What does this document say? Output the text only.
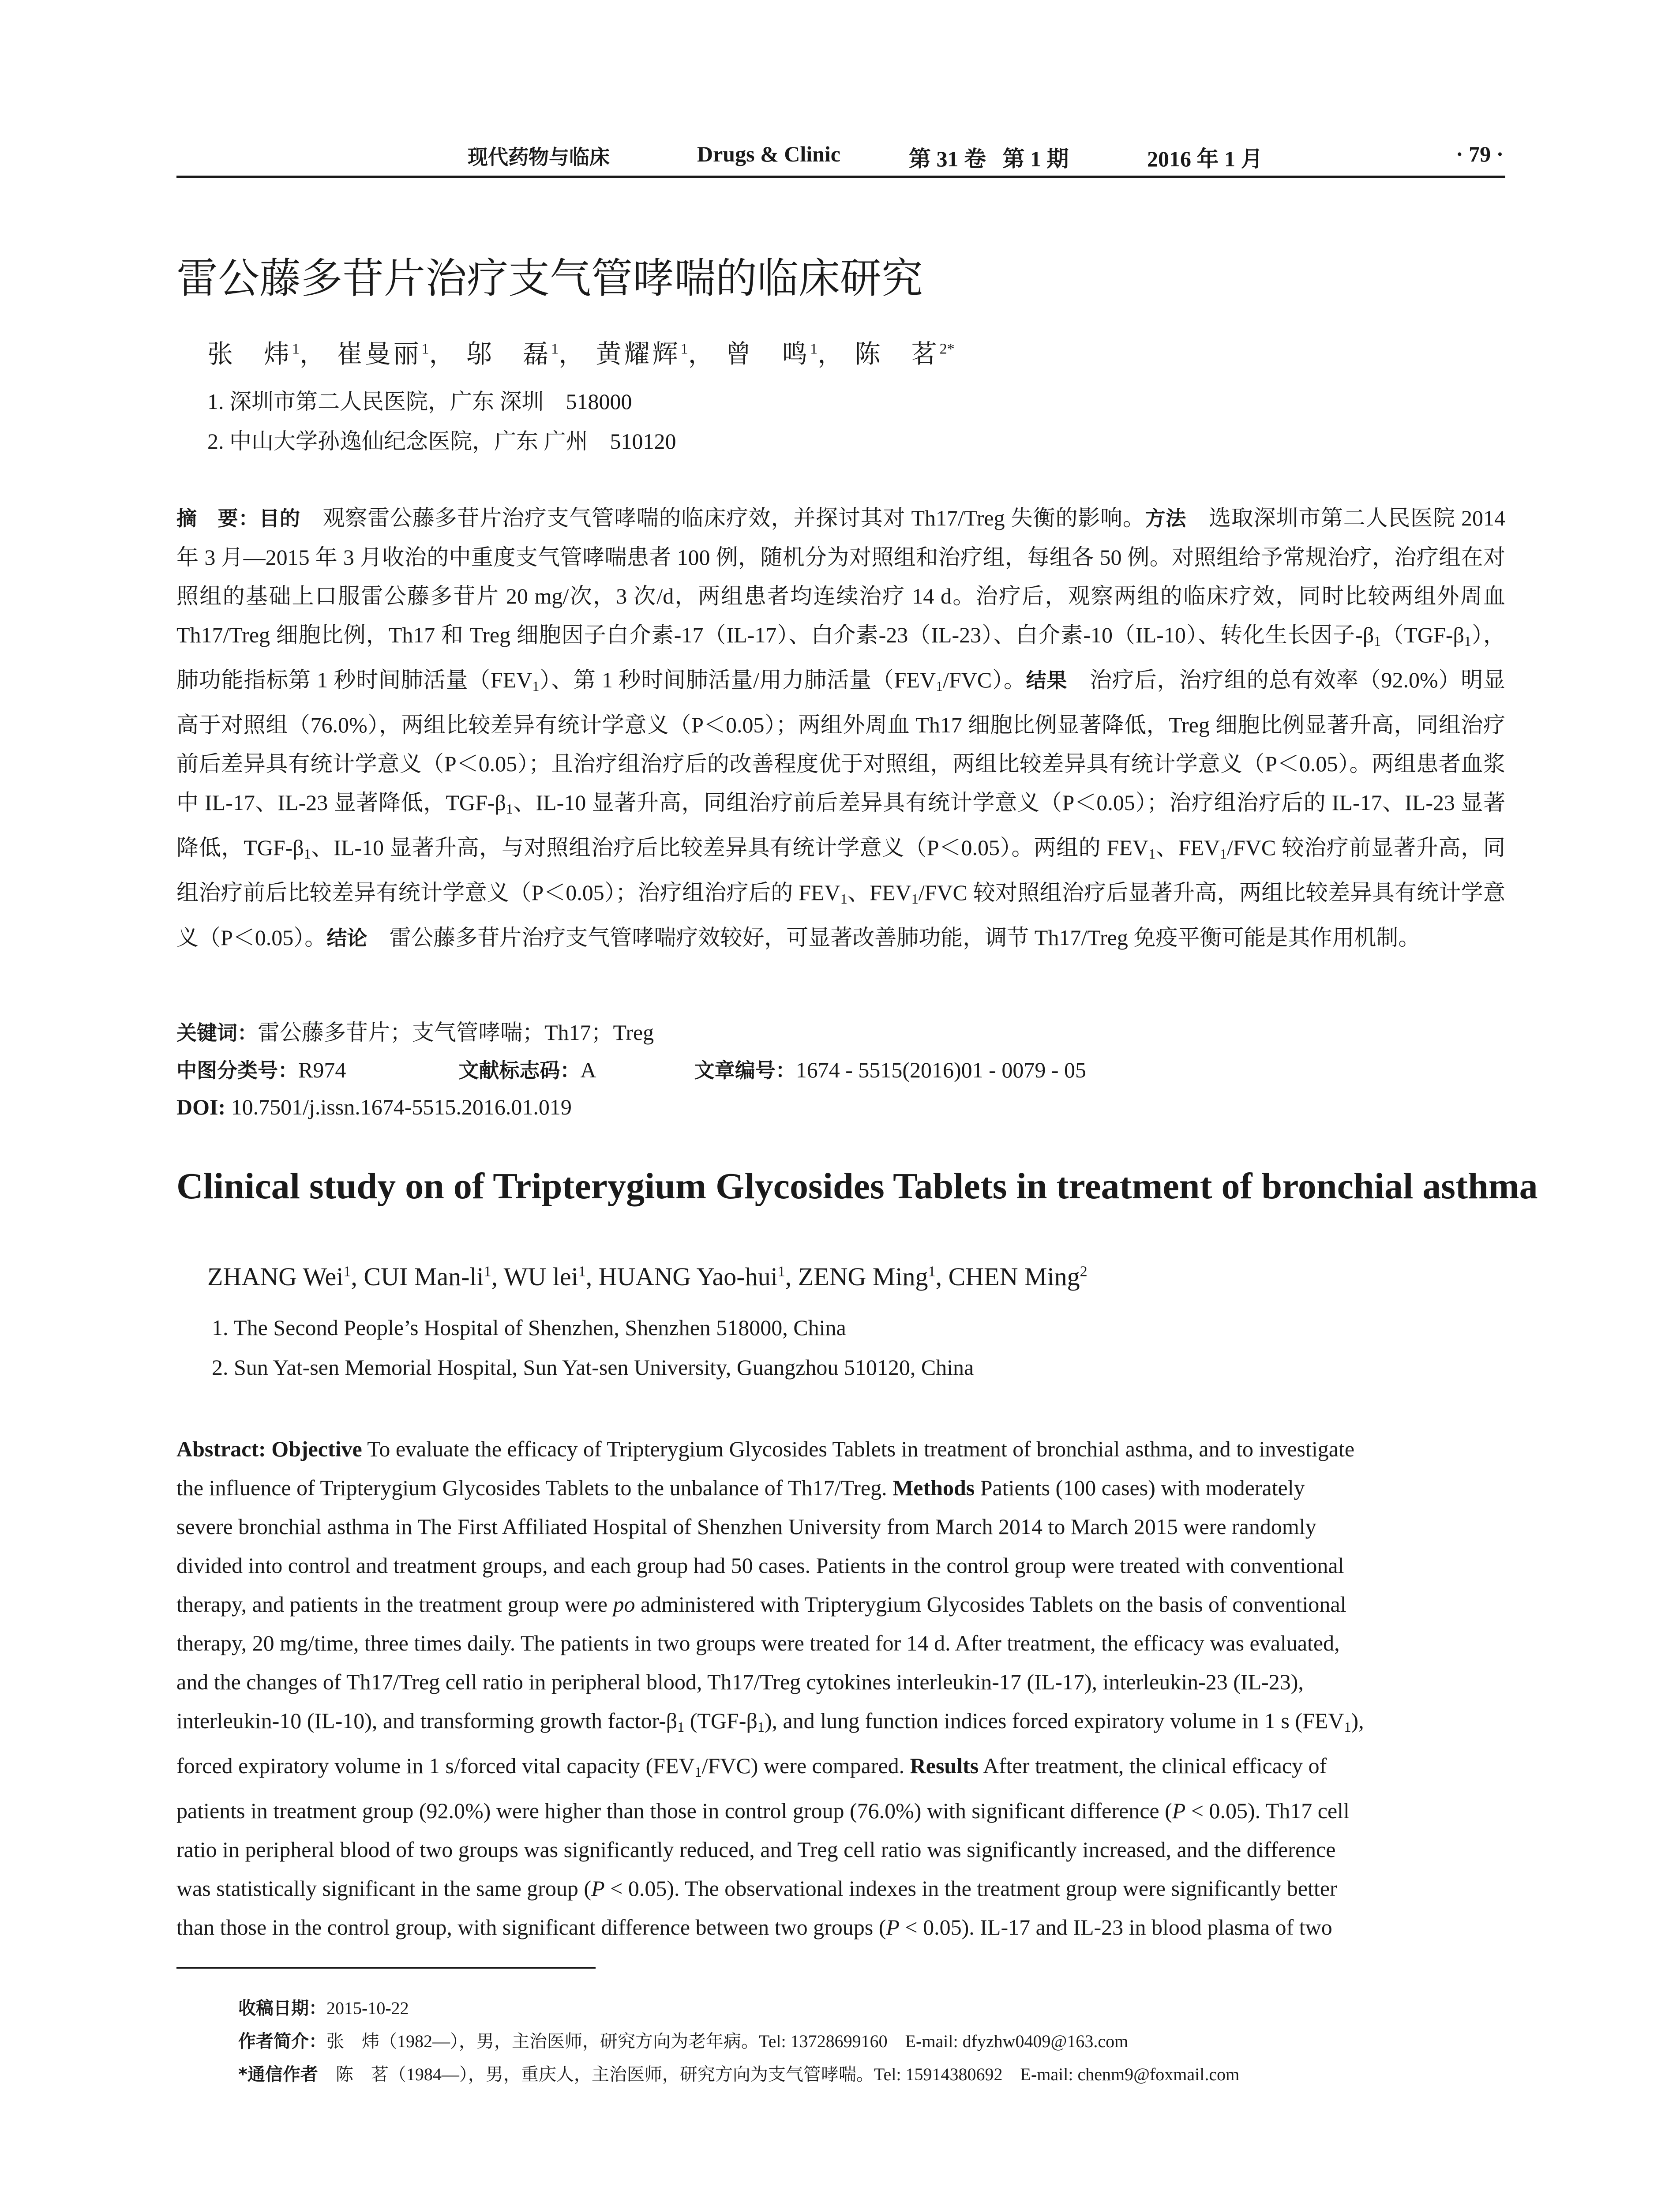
现代药物与临床	Drugs & Clinic	第 31 卷   第 1 期	2016 年 1 月	· 79 ·
雷公藤多苷片治疗支气管哮喘的临床研究
张　炜$^1$， 崔曼丽$^1$， 邬　磊$^1$， 黄耀辉$^1$， 曾　鸣$^1$， 陈　茗$^{2*}$
1. 深圳市第二人民医院，广东 深圳　518000
2. 中山大学孙逸仙纪念医院，广东 广州　510120
摘　要：目的　 观察雷公藤多苷片治疗支气管哮喘的临床疗效，并探讨其对 Th17/Treg 失衡的影响。方法　 选取深圳市第二人民医院 2014 年 3 月—2015 年 3 月收治的中重度支气管哮喘患者 100 例，随机分为对照组和治疗组，每组各 50 例。对照组给予常规治疗，治疗组在对照组的基础上口服雷公藤多苷片 20 mg/次，3 次/d，两组患者均连续治疗 14 d。治疗后，观察两组的临床疗效，同时比较两组外周血 Th17/Treg 细胞比例，Th17 和 Treg 细胞因子白介素-17（IL-17）、白介素-23（IL-23）、白介素-10（IL-10）、转化生长因子$-\beta_1(TGF-\beta_1)$，肺功能指标第 1 秒时间肺活量$(FEV_1)$、第 1 秒时间肺活量/用力肺活量$(FEV_1/FVC)$。结果　 治疗后，治疗组的总有效率（92.0%）明显高于对照组（76.0%），两组比较差异有统计学意义（P＜0.05）；两组外周血 Th17 细胞比例显著降低，Treg 细胞比例显著升高，同组治疗前后差异具有统计学意义（P＜0.05）；且治疗组治疗后的改善程度优于对照组，两组比较差异具有统计学意义（P＜0.05）。两组患者血浆中 IL-17、IL-23 显著降低，TGF-$\beta_1$、IL-10 显著升高，同组治疗前后差异具有统计学意义（P＜0.05）；治疗组治疗后的 IL-17、IL-23 显著降低，TGF-$\beta_1$、IL-10 显著升高，与对照组治疗后比较差异具有统计学意义（P＜0.05）。两组的 $FEV_1$、$FEV_1$/FVC 较治疗前显著升高，同组治疗前后比较差异有统计学意义（P＜0.05）；治疗组治疗后的 $FEV_1$、$FEV_1$/FVC 较对照组治疗后显著升高，两组比较差异具有统计学意义（P＜0.05）。结论　 雷公藤多苷片治疗支气管哮喘疗效较好，可显著改善肺功能，调节 Th17/Treg 免疫平衡可能是其作用机制。
关键词：雷公藤多苷片；支气管哮喘；Th17；Treg
中图分类号：R974	文献标志码：A	文章编号：1674 - 5515(2016)01 - 0079 - 05
DOI: 10.7501/j.issn.1674-5515.2016.01.019
Clinical study on of Tripterygium Glycosides Tablets in treatment of bronchial asthma
ZHANG Wei$^1$, CUI Man-$li^1$, WU lei$^1$, HUANG Yao-hui$^1$, ZENG Ming$^1$, CHEN Ming$^2$
1. The Second People’s Hospital of Shenzhen, Shenzhen 518000, China
2. Sun Yat-sen Memorial Hospital, Sun Yat-sen University, Guangzhou 510120, China
Abstract: Objective To evaluate the efficacy of Tripterygium Glycosides Tablets in treatment of bronchial asthma, and to investigate
the influence of Tripterygium Glycosides Tablets to the unbalance of Th17/Treg. Methods Patients (100 cases) with moderately
severe bronchial asthma in The First Affiliated Hospital of Shenzhen University from March 2014 to March 2015 were randomly
divided into control and treatment groups, and each group had 50 cases. Patients in the control group were treated with conventional
therapy, and patients in the treatment group were po administered with Tripterygium Glycosides Tablets on the basis of conventional
therapy, 20 mg/time, three times daily. The patients in two groups were treated for 14 d. After treatment, the efficacy was evaluated,
and the changes of Th17/Treg cell ratio in peripheral blood, Th17/Treg cytokines interleukin-17 (IL-17), interleukin-23 (IL-23),
interleukin-10 (IL-10), and transforming growth factor-$\beta_1$ $(TGF-\beta_1)$, and lung function indices forced expiratory volume in 1 s $(FEV_1)$,
forced expiratory volume in 1 s/forced vital capacity $(FEV_1/FVC)$ were compared. Results After treatment, the clinical efficacy of
patients in treatment group (92.0%) were higher than those in control group (76.0%) with significant difference (P < 0.05). Th17 cell
ratio in peripheral blood of two groups was significantly reduced, and Treg cell ratio was significantly increased, and the difference
was statistically significant in the same group (P < 0.05). The observational indexes in the treatment group were significantly better
than those in the control group, with significant difference between two groups (P < 0.05). IL-17 and IL-23 in blood plasma of two
收稿日期：2015-10-22
作者简介：张　炜（1982—），男，主治医师，研究方向为老年病。Tel: 13728699160　E-mail: dfyzhw0409@163.com
*通信作者　 陈　茗（1984—），男，重庆人，主治医师，研究方向为支气管哮喘。Tel: 15914380692　E-mail: chenm9@foxmail.com
